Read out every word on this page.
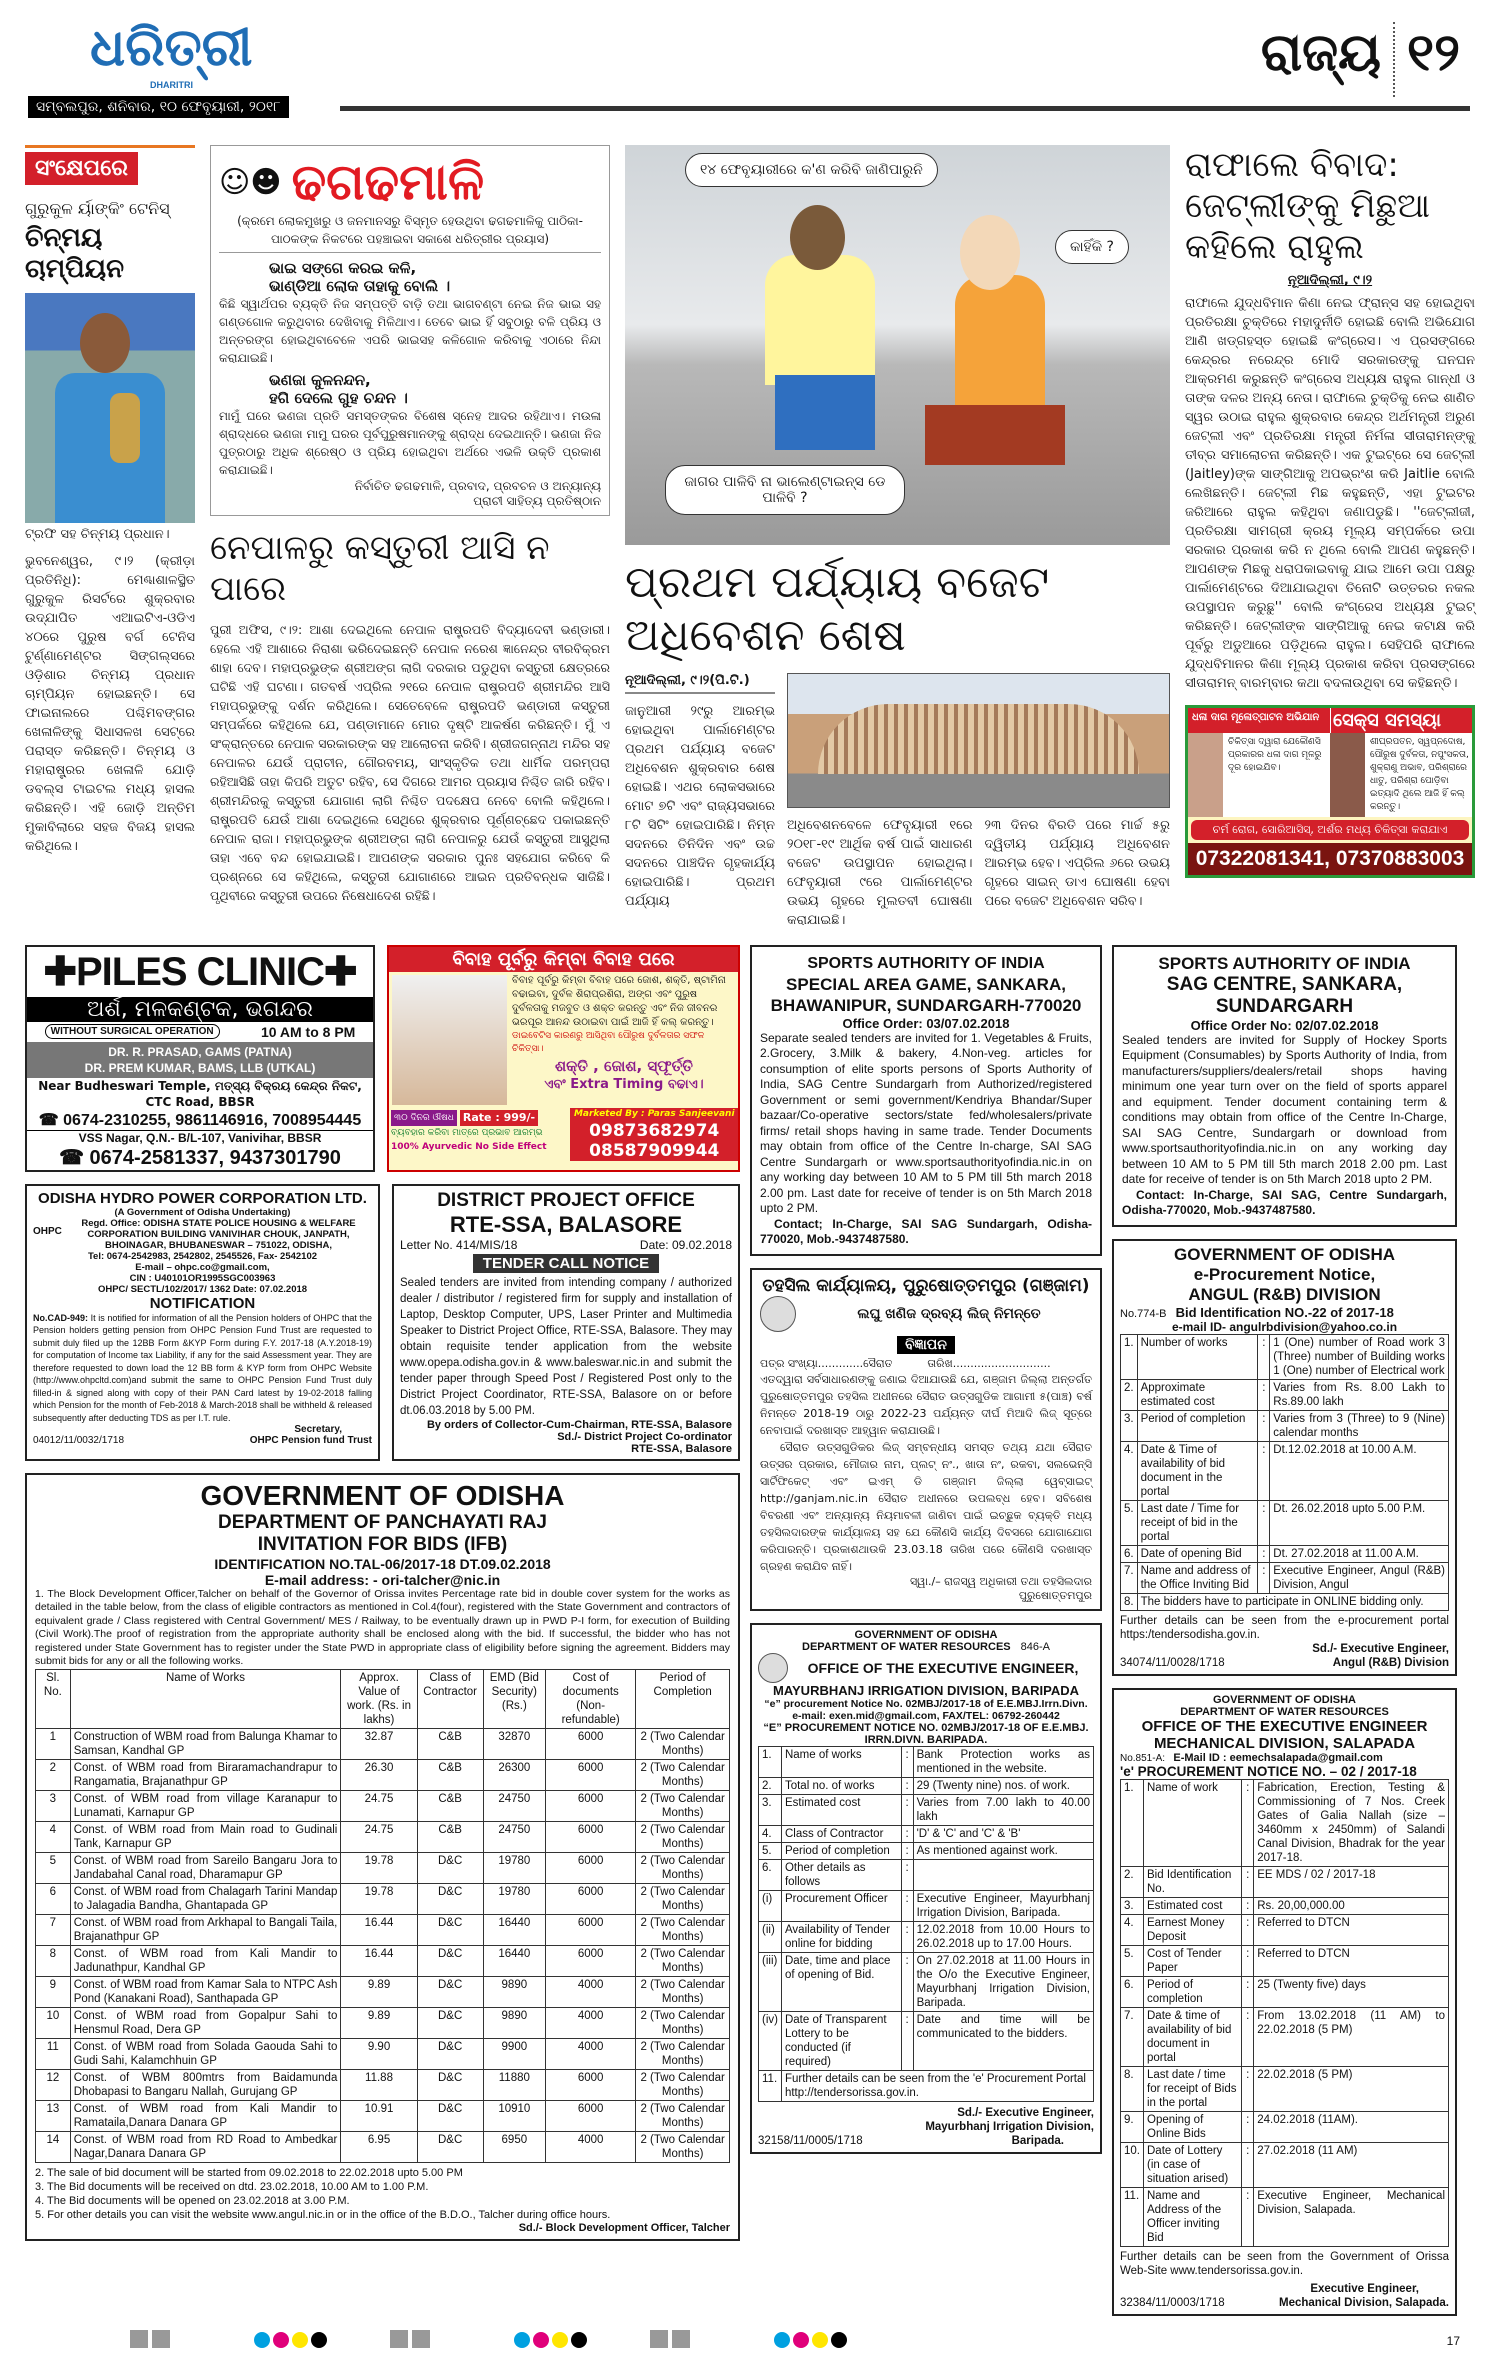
ଧରିତ୍ରୀ
DHARITRI
ସମ୍ବଲପୁର, ଶନିବାର, ୧୦ ଫେବୃୟାରୀ, ୨୦୧୮
ରାଜ୍ୟ ୧୨
ସଂକ୍ଷେପରେ
ଗୁରୁକୁଳ ର୍ୟାଙ୍କିଂ ଟେନିସ୍
ଚିନ୍ମୟ ଚାମ୍ପିୟନ
ଟ୍ରଫି ସହ ଚିନ୍ମୟ ପ୍ରଧାନ।

ଭୁବନେଶ୍ୱର, ୯।୨ (କ୍ରୀଡ଼ା ପ୍ରତିନିଧି): ମେଣ୍ଢାଶାଳସ୍ଥିତ ଗୁରୁକୁଳ ରିସର୍ଟରେ ଶୁକ୍ରବାର ଉଦ୍‌ଯାପିତ ଏଆଇଟିଏ-ଓଡିଏ ୪୦ରେ ପୁରୁଷ ବର୍ଗ ଟେନିସ ଟୁର୍ଣ୍ଣାମେଣ୍ଟର ସିଙ୍ଗଲ୍ସରେ ଓଡ଼ିଶାର ଚିନ୍ମୟ ପ୍ରଧାନ ଚାମ୍ପିୟନ ହୋଇଛନ୍ତି। ସେ ଫାଇନାଲରେ ପଶ୍ଚିମବଙ୍ଗର ଖେଳାଳିଙ୍କୁ ସିଧାସଳଖ ସେଟ୍‌ରେ ପରାସ୍ତ କରିଛନ୍ତି। ଚିନ୍ମୟ ଓ ମହାରାଷ୍ଟ୍ରର ଖେଳାଳି ଯୋଡ଼ି ଡବଲ୍ସ ଟାଇଟଲ ମଧ୍ୟ ହାସଲ କରିଛନ୍ତି। ଏହି ଜୋଡ଼ି ଅନ୍ତିମ ମୁକାବିଲାରେ ସହଜ ବିଜୟ ହାସଲ କରିଥିଲେ।

☺☻ ଢଗଢମାଳି
(କ୍ରମେ ଲୋକମୁଖରୁ ଓ ଜନମାନସରୁ ବିସ୍ମୃତ ହେଉଥିବା ଢଗଢମାଳିକୁ ପାଠିକା-ପାଠକଙ୍କ ନିକଟରେ ପହଞ୍ଚାଇବା ସକାଶେ ଧରିତ୍ରୀର ପ୍ରୟାସ)
ଭାଇ ସଙ୍ଗେ କରଇ କଳି,
ଭାଣ୍ଡିଆ ଲୋକ ତାହାକୁ ବୋଲି ।

କିଛି ସ୍ୱାର୍ଥପର ବ୍ୟକ୍ତି ନିଜ ସମ୍ପତ୍ତି ବାଡ଼ି ତଥା ଭାଗବଣ୍ଟା ନେଇ ନିଜ ଭାଇ ସହ ଗଣ୍ଡଗୋଳ କରୁଥିବାର ଦେଖିବାକୁ ମିଳିଥାଏ। ତେବେ ଭାଇ ହିଁ ସବୁଠାରୁ ବଳି ପ୍ରିୟ ଓ ଅନ୍ତରଙ୍ଗ ହୋଇଥିବାବେଳେ ଏପରି ଭାଇସହ କଳିଗୋଳ କରିବାକୁ ଏଠାରେ ନିନ୍ଦା କରାଯାଇଛି।

ଭଣଜା କୁଳନନ୍ଦନ,
ହଗି ଦେଲେ ଗୁହ ଚନ୍ଦନ ।

ମାମୁଁ ଘରେ ଭଣଜା ପ୍ରତି ସମସ୍ତଙ୍କର ବିଶେଷ ସ୍ନେହ ଆଦର ରହିଥାଏ। ମଉଳା ଶ୍ରାଦ୍ଧରେ ଭଣଜା ମାମୁ ଘରର ପୂର୍ବପୁରୁଷମାନଙ୍କୁ ଶ୍ରାଦ୍ଧ ଦେଇଥାନ୍ତି। ଭଣଜା ନିଜ ପୁତ୍ରଠାରୁ ଅଧିକ ଶ୍ରେଷ୍ଠ ଓ ପ୍ରିୟ ହୋଇଥିବା ଅର୍ଥରେ ଏଭଳି ଉକ୍ତି ପ୍ରକାଶ କରାଯାଇଛି।

ନିର୍ବାଚିତ ଢଗଢମାଳି, ପ୍ରବାଦ, ପ୍ରବଚନ ଓ ଅନ୍ୟାନ୍ୟ
ପ୍ରାଚୀ ସାହିତ୍ୟ ପ୍ରତିଷ୍ଠାନ
ନେପାଳରୁ କସ୍ତୁରୀ ଆସି ନ ପାରେ

ପୁରୀ ଅଫିସ, ୯।୨: ଆଶା ଦେଇଥିଲେ ନେପାଳ ରାଷ୍ଟ୍ରପତି ବିଦ୍ୟାଦେବୀ ଭଣ୍ଡାରୀ। ହେଲେ ଏହି ଆଶାରେ ନିରାଶା ଭରିଦେଇଛନ୍ତି ନେପାଳ ନରେଶ ଜ୍ଞାନେନ୍ଦ୍ର ବୀରବିକ୍ରମ ଶାହା ଦେବ। ମହାପ୍ରଭୁଙ୍କ ଶ୍ରୀଅଙ୍ଗ ଲାଗି ଦରକାର ପଡୁଥିବା କସ୍ତୁରୀ କ୍ଷେତ୍ରରେ ଘଟିଛି ଏହି ଘଟଣା। ଗତବର୍ଷ ଏପ୍ରିଲ ୨୧ରେ ନେପାଳ ରାଷ୍ଟ୍ରପତି ଶ୍ରୀମନ୍ଦିର ଆସି ମହାପ୍ରଭୁଙ୍କୁ ଦର୍ଶନ କରିଥିଲେ। ସେତେବେଳେ ରାଷ୍ଟ୍ରପତି ଭଣ୍ଡାରୀ କସ୍ତୁରୀ ସମ୍ପର୍କରେ କହିଥିଲେ ଯେ, ପଣ୍ଡାମାନେ ମୋର ଦୃଷ୍ଟି ଆକର୍ଷଣ କରିଛନ୍ତି। ମୁଁ ଏ ସଂକ୍ରାନ୍ତରେ ନେପାଳ ସରକାରଙ୍କ ସହ ଆଲୋଚନା କରିବି। ଶ୍ରୀଜଗନ୍ନାଥ ମନ୍ଦିର ସହ ନେପାଳର ଯେଉଁ ପ୍ରାଚୀନ, ଗୌରବମୟ, ସାଂସ୍କୃତିକ ତଥା ଧାର୍ମିକ ପରମ୍ପରା ରହିଆସିଛି ତାହା କିପରି ଅତୁଟ ରହିବ, ସେ ଦିଗରେ ଆମର ପ୍ରୟାସ ନିଶ୍ଚିତ ଜାରି ରହିବ। ଶ୍ରୀମନ୍ଦିରକୁ କସ୍ତୁରୀ ଯୋଗାଣ ଲାଗି ନିଶ୍ଚିତ ପଦକ୍ଷେପ ନେବେ ବୋଲି କହିଥିଲେ। ରାଷ୍ଟ୍ରପତି ଯେଉଁ ଆଶା ଦେଇଥିଲେ ସେଥିରେ ଶୁକ୍ରବାର ପୂର୍ଣ୍ଣଚ୍ଛେଦ ପକାଇଛନ୍ତି ନେପାଳ ରାଜା। ମହାପ୍ରଭୁଙ୍କ ଶ୍ରୀଅଙ୍ଗ ଲାଗି ନେପାଳରୁ ଯେଉଁ କସ୍ତୁରୀ ଆସୁଥିଲା ତାହା ଏବେ ବନ୍ଦ ହୋଇଯାଇଛି। ଆପଣଙ୍କ ସରକାର ପୁନଃ ସହଯୋଗ କରିବେ କି ପ୍ରଶ୍ନରେ ସେ କହିଥିଲେ, କସ୍ତୁରୀ ଯୋଗାଣରେ ଆଇନ ପ୍ରତିବନ୍ଧକ ସାଜିଛି। ପୃଥିବୀରେ କସ୍ତୁରୀ ଉପରେ ନିଷେଧାଦେଶ ରହିଛି।

୧୪ ଫେବୃୟାରୀରେ କ'ଣ କରିବି ଜାଣିପାରୁନି
କାହିଁକି ?
ଜାଗର ପାଳିବି ନା ଭାଲେଣ୍ଟାଇନ୍ସ ଡେ ପାଳିବି ?
ପ୍ରଥମ ପର୍ଯ୍ୟାୟ ବଜେଟ ଅଧିବେଶନ ଶେଷ
ନୂଆଦିଲ୍ଲୀ, ୯।୨(ପି.ଟି.)

ଜାନୁଆରୀ ୨୯ରୁ ଆରମ୍ଭ ହୋଇଥିବା ପାର୍ଲାମେଣ୍ଟର ପ୍ରଥମ ପର୍ଯ୍ୟାୟ ବଜେଟ ଅଧିବେଶନ ଶୁକ୍ରବାର ଶେଷ ହୋଇଛି। ଏଥର ଲୋକସଭାରେ ମୋଟ ୭ଟି ଏବଂ ରାଜ୍ୟସଭାରେ ୮ଟି ସିଟିଂ ହୋଇପାରିଛି। ନିମ୍ନ ସଦନରେ ତିନିଦିନ ଏବଂ ଉଚ୍ଚ ସଦନରେ ପାଞ୍ଚଦିନ ଗୃହକାର୍ଯ୍ୟ ହୋଇପାରିଛି। ପ୍ରଥମ ପର୍ଯ୍ୟାୟ

ଅଧିବେଶନବେଳେ ଫେବୃୟାରୀ ୧ରେ ୨୦୧୮-୧୯ ଆର୍ଥିକ ବର୍ଷ ପାଇଁ ସାଧାରଣ ବଜେଟ ଉପସ୍ଥାପନ ହୋଇଥିଲା। ଫେବୃୟାରୀ ୯ରେ ପାର୍ଲାମେଣ୍ଟର ଉଭୟ ଗୃହରେ ମୁଲତବୀ ଘୋଷଣା କରାଯାଇଛି।

୨୩ ଦିନର ବିରତି ପରେ ମାର୍ଚ୍ଚ ୫ରୁ ଦ୍ୱିତୀୟ ପର୍ଯ୍ୟାୟ ଅଧିବେଶନ ଆରମ୍ଭ ହେବ। ଏପ୍ରିଲ ୬ରେ ଉଭୟ ଗୃହରେ ସାଇନ୍ ଡାଏ ଘୋଷଣା ହେବା ପରେ ବଜେଟ ଅଧିବେଶନ ସରିବ।

ରାଫାଲେ ବିବାଦ: ଜେଟ୍‌ଲୀଙ୍କୁ ମିଛୁଆ କହିଲେ ରାହୁଲ
ନୂଆଦିଲ୍ଲୀ, ୯।୨

ରାଫାଲେ ଯୁଦ୍ଧବିମାନ କିଣା ନେଇ ଫ୍ରାନ୍ସ ସହ ହୋଇଥିବା ପ୍ରତିରକ୍ଷା ଚୁକ୍ତିରେ ମହାଦୁର୍ନୀତି ହୋଇଛି ବୋଲି ଅଭିଯୋଗ ଆଣି ଖଡ୍ଗହସ୍ତ ହୋଇଛି କଂଗ୍ରେସ। ଏ ପ୍ରସଙ୍ଗରେ କେନ୍ଦ୍ରର ନରେନ୍ଦ୍ର ମୋଦି ସରକାରଙ୍କୁ ଘନଘନ ଆକ୍ରମଣ କରୁଛନ୍ତି କଂଗ୍ରେସ ଅଧ୍ୟକ୍ଷ ରାହୁଲ ଗାନ୍ଧୀ ଓ ତାଙ୍କ ଦଳର ଅନ୍ୟ ନେତା। ରାଫାଲେ ଚୁକ୍ତିକୁ ନେଇ ଶାଣିତ ସ୍ୱର ଉଠାଇ ରାହୁଲ ଶୁକ୍ରବାର କେନ୍ଦ୍ର ଅର୍ଥମନ୍ତ୍ରୀ ଅରୁଣ ଜେଟ୍‌ଲୀ ଏବଂ ପ୍ରତିରକ୍ଷା ମନ୍ତ୍ରୀ ନିର୍ମଳା ସୀତାରାମନ୍‌ଙ୍କୁ ତୀବ୍ର ସମାଲୋଚନା କରିଛନ୍ତି। ଏକ ଟୁଇଟ୍‌ରେ ସେ ଜେଟ୍‌ଲୀ (Jaitley)ଙ୍କ ସାଙ୍ଗିଆକୁ ଅପଭ୍ରଂଶ କରି Jaitlie ବୋଲି ଲେଖିଛନ୍ତି। ଜେଟ୍‌ଲୀ ମିଛ କହୁଛନ୍ତି, ଏହା ଟୁଇଟର ଜରିଆରେ ରାହୁଲ କହିଥିବା ଜଣାପଡୁଛି। ''ଜେଟ୍‌ଲୀଜୀ, ପ୍ରତିରକ୍ଷା ସାମଗ୍ରୀ କ୍ରୟ ମୂଲ୍ୟ ସମ୍ପର୍କରେ ଉପା ସରକାର ପ୍ରକାଶ କରି ନ ଥିଲେ ବୋଲି ଆପଣ କହୁଛନ୍ତି। ଆପଣଙ୍କ ମିଛକୁ ଧରାପକାଇବାକୁ ଯାଇ ଆମେ ଉପା ପକ୍ଷରୁ ପାର୍ଲାମେଣ୍ଟରେ ଦିଆଯାଇଥିବା ତିନୋଟି ଉତ୍ତରର ନକଲ ଉପସ୍ଥାପନ କରୁଛୁ'' ବୋଲି କଂଗ୍ରେସ ଅଧ୍ୟକ୍ଷ ଟୁଇଟ୍ କରିଛନ୍ତି। ଜେଟ୍‌ଲୀଙ୍କ ସାଙ୍ଗିଆକୁ ନେଇ କଟାକ୍ଷ କରି ପୂର୍ବରୁ ଅଡୁଆରେ ପଡ଼ିଥିଲେ ରାହୁଲ। ସେହିପରି ରାଫାଲେ ଯୁଦ୍ଧବିମାନର କିଣା ମୂଲ୍ୟ ପ୍ରକାଶ କରିବା ପ୍ରସଙ୍ଗରେ ସୀତାରାମନ୍ ବାରମ୍ବାର କଥା ବଦଳାଉଥିବା ସେ କହିଛନ୍ତି।

ଧଳା ଦାଗ ମୂଳୋତ୍ପାଟନ ଅଭିଯାନ ସେକ୍ସ ସମସ୍ୟା
ଚିକିତ୍ସା ଦ୍ୱାରା ଯେକୌଣସି ପ୍ରକାରର ଧଳା ଦାଗ ମୂଳରୁ ଦୂର ହୋଇଯିବ।
ଶୀଘ୍ରପତନ, ସ୍ୱପ୍ନଦୋଷ, ପୌରୁଷ ଦୁର୍ବଳତା, ନପୁଂସକତା, ଶୁକ୍ରାଣୁ ଅଭାବ, ପରିଶ୍ରାରେ ଧାତୁ, ପରିଶ୍ରା ପୋଡ଼ିବା ଇତ୍ୟାଦି ଥିଲେ ଆଜି ହିଁ କଲ୍ କରନ୍ତୁ।
ଚର୍ମ ରୋଗ, ସୋରିଆସିସ୍, ଅର୍ଶର ମଧ୍ୟ ଚିକିତ୍ସା କରାଯାଏ
07322081341, 07370883003
✚PILES CLINIC✚
ଅର୍ଶ, ମଳକଣ୍ଟକ, ଭଗନ୍ଦର
WITHOUT SURGICAL OPERATION	10 AM to 8 PM
DR. R. PRASAD, GAMS (PATNA)
DR. PREM KUMAR, BAMS, LLB (UTKAL)
Near Budheswari Temple, ମତ୍ସ୍ୟ ବିକ୍ରୟ କେନ୍ଦ୍ର ନିକଟ, CTC Road, BBSR
☎ 0674-2310255, 9861146916, 7008954445
VSS Nagar, Q.N.- B/L-107, Vanivihar, BBSR
☎ 0674-2581337, 9437301790
ବିବାହ ପୂର୍ବରୁ କିମ୍ବା ବିବାହ ପରେ
ବିବାହ ପୂର୍ବରୁ କିମ୍ବା ବିବାହ ପରେ ଜୋଶ, ଶକ୍ତି, ଷ୍ଟାମିନା ବଢାଇବା, ଦୁର୍ବଳ ଶିରାପ୍ରଶିରା, ଅଙ୍ଗ ଏବଂ ପୁରୁଷ ଦୁର୍ବଳତାକୁ ମଜବୁତ ଓ ଶକ୍ତ କରନ୍ତୁ ଏବଂ ନିଜ ଜୀବନର ଭରପୂର ଆନନ୍ଦ ଉଠାଇବା ପାଇଁ ଆଜି ହିଁ କଲ୍ କରନ୍ତୁ।
ଡାଇବେଟିସ କାରଣରୁ ଆସିଥିବା ପୌରୁଷ ଦୁର୍ବଳତାର ସଫଳ ଚିକିତ୍ସା।
ଶକ୍ତି , ଜୋଶ, ସ୍ଫୂର୍ତ୍ତି
ଏବଂ Extra Timing ବଢାଏ।
୩୦ ଦିନର ଔଷଧ Rate : 999/-
ବ୍ୟବହାର କରିବା ମାତ୍ରେ ପ୍ରଭାବ ଆରମ୍ଭ
100% Ayurvedic No Side Effect
Marketed By : Paras Sanjeevani
09873682974
08587909944
ODISHA HYDRO POWER CORPORATION LTD.
(A Government of Odisha Undertaking)
OHPC
Regd. Office: ODISHA STATE POLICE HOUSING & WELFARE CORPORATION BUILDING VANIVIHAR CHOUK, JANPATH, BHOINAGAR, BHUBANESWAR – 751022, ODISHA,
Tel: 0674-2542983, 2542802, 2545526, Fax- 2542102
E-mail – ohpc.co@gmail.com,
CIN : U40101OR1995SGC003963
OHPC/ SECTL/102/2017/ 1362 Date: 07.02.2018
NOTIFICATION

No.CAD-949: It is notified for information of all the Pension holders of OHPC that the Pension holders getting pension from OHPC Pension Fund Trust are requested to submit duly filed up the 12BB Form &KYP Form during F.Y. 2017-18 (A.Y.2018-19) for computation of Income tax Liability, if any for the said Assessment year. They are therefore requested to down load the 12 BB form & KYP form from OHPC Website (http://www.ohpcltd.com)and submit the same to OHPC Pension Fund Trust duly filled-in & signed along with copy of their PAN Card latest by 19-02-2018 falling which Pension for the month of Feb-2018 & March-2018 shall be withheld & released subsequently after deducting TDS as per I.T. rule.

Secretary,
04012/11/0032/1718	OHPC Pension fund Trust
DISTRICT PROJECT OFFICE
RTE-SSA, BALASORE
Letter No. 414/MIS/18	Date: 09.02.2018
TENDER CALL NOTICE

Sealed tenders are invited from intending company / authorized dealer / distributor / registered firm for supply and installation of Laptop, Desktop Computer, UPS, Laser Printer and Multimedia Speaker to District Project Office, RTE-SSA, Balasore. They may obtain requisite tender application from the website www.opepa.odisha.gov.in & www.baleswar.nic.in and submit the tender paper through Speed Post / Registered Post only to the District Project Coordinator, RTE-SSA, Balasore on or before dt.06.03.2018 by 5.00 PM.

By orders of Collector-Cum-Chairman, RTE-SSA, Balasore
Sd./- District Project Co-ordinator
RTE-SSA, Balasore
GOVERNMENT OF ODISHA
DEPARTMENT OF PANCHAYATI RAJ
INVITATION FOR BIDS (IFB)
IDENTIFICATION NO.TAL-06/2017-18 DT.09.02.2018
E-mail address: - ori-talcher@nic.in

1. The Block Development Officer,Talcher on behalf of the Governor of Orissa invites Percentage rate bid in double cover system for the works as detailed in the table below, from the class of eligible contractors as mentioned in Col.4(four), registered with the State Government and contractors of equivalent grade / Class registered with Central Government/ MES / Railway, to be eventually drawn up in PWD P-I form, for execution of Building (Civil Work).The proof of registration from the appropriate authority shall be enclosed along with the bid. If successful, the bidder who has not registered under State Government has to register under the State PWD in appropriate class of eligibility before signing the agreement. Bidders may submit bids for any or all the following works.

Sl. No.	Name of Works	Approx. Value of work. (Rs. in lakhs)	Class of Contractor	EMD (Bid Security) (Rs.)	Cost of documents (Non-refundable)	Period of Completion
1	Construction of WBM road from Balunga Khamar to Samsan, Kandhal GP	32.87	C&B	32870	6000	2 (Two Calendar Months)
2	Const. of WBM road from Biraramachandrapur to Rangamatia, Brajanathpur GP	26.30	C&B	26300	6000	2 (Two Calendar Months)
3	Const. of WBM road from village Karanapur to Lunamati, Karnapur GP	24.75	C&B	24750	6000	2 (Two Calendar Months)
4	Const. of WBM road from Main road to Gudinali Tank, Karnapur GP	24.75	C&B	24750	6000	2 (Two Calendar Months)
5	Const. of WBM road from Sareilo Bangaru Jora to Jandabahal Canal road, Dharamapur GP	19.78	D&C	19780	6000	2 (Two Calendar Months)
6	Const. of WBM road from Chalagarh Tarini Mandap to Jalagadia Bandha, Ghantapada GP	19.78	D&C	19780	6000	2 (Two Calendar Months)
7	Const. of WBM road from Arkhapal to Bangali Taila, Brajanathpur GP	16.44	D&C	16440	6000	2 (Two Calendar Months)
8	Const. of WBM road from Kali Mandir to Jadunathpur, Kandhal GP	16.44	D&C	16440	6000	2 (Two Calendar Months)
9	Const. of WBM road from Kamar Sala to NTPC Ash Pond (Kanakani Road), Santhapada GP	9.89	D&C	9890	4000	2 (Two Calendar Months)
10	Const. of WBM road from Gopalpur Sahi to Hensmul Road, Dera GP	9.89	D&C	9890	4000	2 (Two Calendar Months)
11	Const. of WBM road from Solada Gaouda Sahi to Gudi Sahi, Kalamchhuin GP	9.90	D&C	9900	4000	2 (Two Calendar Months)
12	Const. of WBM 800mtrs from Baidamunda Dhobapasi to Bangaru Nallah, Gurujang GP	11.88	D&C	11880	6000	2 (Two Calendar Months)
13	Const. of WBM road from Kali Mandir to Ramataila,Danara Danara GP	10.91	D&C	10910	6000	2 (Two Calendar Months)
14	Const. of WBM road from RD Road to Ambedkar Nagar,Danara Danara GP	6.95	D&C	6950	4000	2 (Two Calendar Months)
2. The sale of bid document will be started from 09.02.2018 to 22.02.2018 upto 5.00 PM
3. The Bid documents will be received on dtd. 23.02.2018, 10.00 AM to 1.00 P.M.
4. The Bid documents will be opened on 23.02.2018 at 3.00 P.M.
5. For other details you can visit the website www.angul.nic.in or in the office of the B.D.O., Talcher during office hours.
Sd./- Block Development Officer, Talcher
SPORTS AUTHORITY OF INDIA
SPECIAL AREA GAME, SANKARA,
BHAWANIPUR, SUNDARGARH-770020
Office Order: 03/07.02.2018

Separate sealed tenders are invited for 1. Vegetables & Fruits, 2.Grocery, 3.Milk & bakery, 4.Non-veg. articles for consumption of elite sports persons of Sports Authority of India, SAG Centre Sundargarh from Authorized/registered Government or semi government/Kendriya Bhandar/Super bazaar/Co-operative sectors/state fed/wholesalers/private firms/ retail shops having in same trade. Tender Documents may obtain from office of the Centre In-charge, SAI SAG Centre Sundargarh or www.sportsauthorityofindia.nic.in on any working day between 10 AM to 5 PM till 5th march 2018 2.00 pm. Last date for receive of tender is on 5th March 2018 upto 2 PM.

Contact; In-Charge, SAI SAG Sundargarh, Odisha-770020, Mob.-9437487580.

ତହସିଲ କାର୍ଯ୍ୟାଳୟ, ପୁରୁଷୋତ୍ତମପୁର (ଗଞ୍ଜାମ)
ଲଘୁ ଖଣିଜ ଦ୍ରବ୍ୟ ଲିଜ୍ ନିମନ୍ତେ
ବିଜ୍ଞାପନ
ପତ୍ର ସଂଖ୍ୟା.............ସୈରାତ          ତାରିଖ............................

ଏତଦ୍ୱାରା ସର୍ବସାଧାରଣଙ୍କୁ ଜଣାଇ ଦିଆଯାଉଛି ଯେ, ଗଞ୍ଜାମ ଜିଲ୍ଲା ଅନ୍ତର୍ଗତ ପୁରୁଷୋତ୍ତମପୁର ତହସିଲ ଅଧୀନରେ ସୈରାତ ଉତ୍ସଗୁଡିକ ଆଗାମୀ ୫(ପାଞ୍ଚ) ବର୍ଷ ନିମନ୍ତେ 2018-19 ଠାରୁ 2022-23 ପର୍ଯ୍ୟନ୍ତ ଦୀର୍ଘ ମିଆଦି ଲିଜ୍ ସୂତ୍ରେ ନେବାପାଇଁ ଦରଖାସ୍ତ ଆହ୍ୱାନ କରାଯାଉଛି।

ସୈରାତ ଉତ୍ସଗୁଡିକର ଲିଜ୍ ସମ୍ବନ୍ଧୀୟ ସମସ୍ତ ତଥ୍ୟ ଯଥା ସୈରାତ ଉତ୍ସର ପ୍ରକାର, ମୌଜାର ନାମ, ପ୍ଲଟ୍ ନଂ., ଖାତା ନଂ, ରକବା, ସଲଭେନ୍ସି ସାର୍ଟିଫିକେଟ୍ ଏବଂ ଇଏମ୍ ଡି ଗଞ୍ଜାମ ଜିଲ୍ଲା ୱେବ୍‌ସାଇଟ୍ http://ganjam.nic.in ସୈରାତ ଅଧୀନରେ ଉପଲବ୍ଧ ହେବ। ସବିଶେଷ ବିବରଣୀ ଏବଂ ଅନ୍ୟାନ୍ୟ ନିୟମାବଳୀ ଜାଣିବା ପାଇଁ ଇଚ୍ଛୁକ ବ୍ୟକ୍ତି ମଧ୍ୟ ତହସିଲଦାରଙ୍କ କାର୍ଯ୍ୟାଳୟ ସହ ଯେ କୌଣସି କାର୍ଯ୍ୟ ଦିବସରେ ଯୋଗାଯୋଗ କରିପାରନ୍ତି। ପ୍ରକାଶଥାଉକି 23.03.18 ତାରିଖ ପରେ କୌଣସି ଦରଖାସ୍ତ ଗ୍ରହଣ କରାଯିବ ନାହିଁ।

ସ୍ୱା./– ରାଜସ୍ୱ ଅଧିକାରୀ ତଥା ତହସିଲଦାର
ପୁରୁଷୋତ୍ତମପୁର
GOVERNMENT OF ODISHA
DEPARTMENT OF WATER RESOURCES 846-A
OFFICE OF THE EXECUTIVE ENGINEER,
MAYURBHANJ IRRIGATION DIVISION, BARIPADA
“e” procurement Notice No. 02MBJ/2017-18 of E.E.MBJ.Irrn.Divn.
e-mail: exen.mid@gmail.com, FAX/TEL: 06792-260442
“E” PROCUREMENT NOTICE NO. 02MBJ/2017-18 OF E.E.MBJ. IRRN.DIVN. BARIPADA.
1.	Name of works	:	Bank Protection works as mentioned in the website.
2.	Total no. of works	:	29 (Twenty nine) nos. of work.
3.	Estimated cost	:	Varies from 7.00 lakh to 40.00 lakh
4.	Class of Contractor	:	'D' & 'C' and 'C' & 'B'
5.	Period of completion	:	As mentioned against work.
6.	Other details as follows	:	
(i)	Procurement Officer	:	Executive Engineer, Mayurbhanj Irrigation Division, Baripada.
(ii)	Availability of Tender online for bidding	:	12.02.2018 from 10.00 Hours to 26.02.2018 up to 17.00 Hours.
(iii)	Date, time and place of opening of Bid.	:	On 27.02.2018 at 11.00 Hours in the O/o the Executive Engineer, Mayurbhanj Irrigation Division, Baripada.
(iv)	Date of Transparent Lottery to be conducted (if required)	:	Date and time will be communicated to the bidders.
11.	Further details can be seen from the 'e' Procurement Portal http://tendersorissa.gov.in.		
Sd./- Executive Engineer,
Mayurbhanj Irrigation Division,
32158/11/0005/1718	Baripada.
SPORTS AUTHORITY OF INDIA
SAG CENTRE, SANKARA,
SUNDARGARH
Office Order No: 02/07.02.2018

Sealed tenders are invited for Supply of Hockey Sports Equipment (Consumables) by Sports Authority of India, from manufacturers/suppliers/dealers/retail shops having minimum one year turn over on the field of sports apparel and equipment. Tender document containing term & conditions may obtain from office of the Centre In-Charge, SAI SAG Centre, Sundargarh or download from www.sportsauthorityofindia.nic.in on any working day between 10 AM to 5 PM till 5th march 2018 2.00 pm. Last date for receive of tender is on 5th March 2018 upto 2 PM.

Contact: In-Charge, SAI SAG, Centre Sundargarh, Odisha-770020, Mob.-9437487580.

GOVERNMENT OF ODISHA
e-Procurement Notice,
ANGUL (R&B) DIVISION
No.774-B Bid Identification NO.-22 of 2017-18
e-mail ID- angulrbdivision@yahoo.co.in
1.	Number of works	:	1 (One) number of Road work 3 (Three) number of Building works 1 (One) number of Electrical work
2.	Approximate estimated cost	:	Varies from Rs. 8.00 Lakh to Rs.89.00 lakh
3.	Period of completion	:	Varies from 3 (Three) to 9 (Nine) calendar months
4.	Date & Time of availability of bid document in the portal	:	Dt.12.02.2018 at 10.00 A.M.
5.	Last date / Time for receipt of bid in the portal	:	Dt. 26.02.2018 upto 5.00 P.M.
6.	Date of opening Bid	:	Dt. 27.02.2018 at 11.00 A.M.
7.	Name and address of the Office Inviting Bid	:	Executive Engineer, Angul (R&B) Division, Angul
8.	The bidders have to participate in ONLINE bidding only.		

Further details can be seen from the e-procurement portal https:/tendersodisha.gov.in.

Sd./- Executive Engineer,
34074/11/0028/1718	Angul (R&B) Division
GOVERNMENT OF ODISHA
DEPARTMENT OF WATER RESOURCES
OFFICE OF THE EXECUTIVE ENGINEER
MECHANICAL DIVISION, SALAPADA
No.851-A: E-Mail ID : eemechsalapada@gmail.com
'e' PROCUREMENT NOTICE NO. – 02 / 2017-18
1.	Name of work	:	Fabrication, Erection, Testing & Commissioning of 7 Nos. Creek Gates of Galia Nallah (size – 3460mm x 2450mm) of Salandi Canal Division, Bhadrak for the year 2017-18.
2.	Bid Identification No.	:	EE MDS / 02 / 2017-18
3.	Estimated cost	:	Rs. 20,00,000.00
4.	Earnest Money Deposit	:	Referred to DTCN
5.	Cost of Tender Paper	:	Referred to DTCN
6.	Period of completion	:	25 (Twenty five) days
7.	Date & time of availability of bid document in portal	:	From 13.02.2018 (11 AM) to 22.02.2018 (5 PM)
8.	Last date / time for receipt of Bids in the portal	:	22.02.2018 (5 PM)
9.	Opening of Online Bids	:	24.02.2018 (11AM).
10.	Date of Lottery (in case of situation arised)	:	27.02.2018 (11 AM)
11.	Name and Address of the Officer inviting Bid	:	Executive Engineer, Mechanical Division, Salapada.

Further details can be seen from the Government of Orissa Web-Site www.tendersorissa.gov.in.

Executive Engineer,
32384/11/0003/1718	Mechanical Division, Salapada.
17
